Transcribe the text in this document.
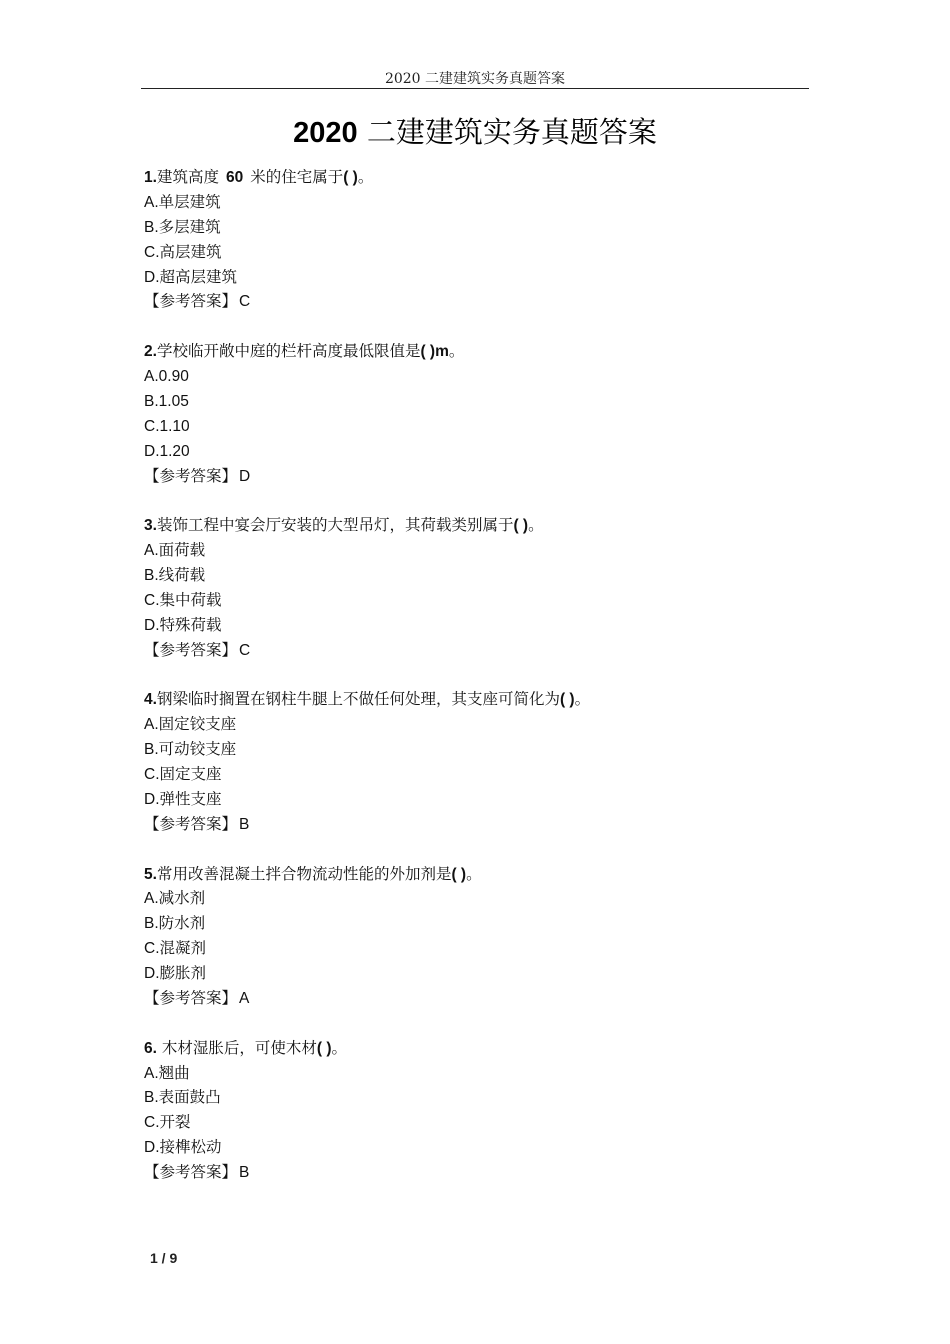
2020 二建建筑实务真题答案
2020 二建建筑实务真题答案
1.建筑高度 60 米的住宅属于( )。
A.单层建筑
B.多层建筑
C.高层建筑
D.超高层建筑
【参考答案】 C
2.学校临开敞中庭的栏杆高度最低限值是( )m。
A.0.90
B.1.05
C.1.10
D.1.20
【参考答案】 D
3.装饰工程中宴会厅安装的大型吊灯，其荷载类别属于( )。
A.面荷载
B.线荷载
C.集中荷载
D.特殊荷载
【参考答案】 C
4.钢梁临时搁置在钢柱牛腿上不做任何处理，其支座可简化为( )。
A.固定铰支座
B.可动铰支座
C.固定支座
D.弹性支座
【参考答案】 B
5.常用改善混凝土拌合物流动性能的外加剂是( )。
A.减水剂
B.防水剂
C.混凝剂
D.膨胀剂
【参考答案】 A
6. 木材湿胀后，可使木材( )。
A.翘曲
B.表面鼓凸
C.开裂
D.接榫松动
【参考答案】 B
1 / 9
